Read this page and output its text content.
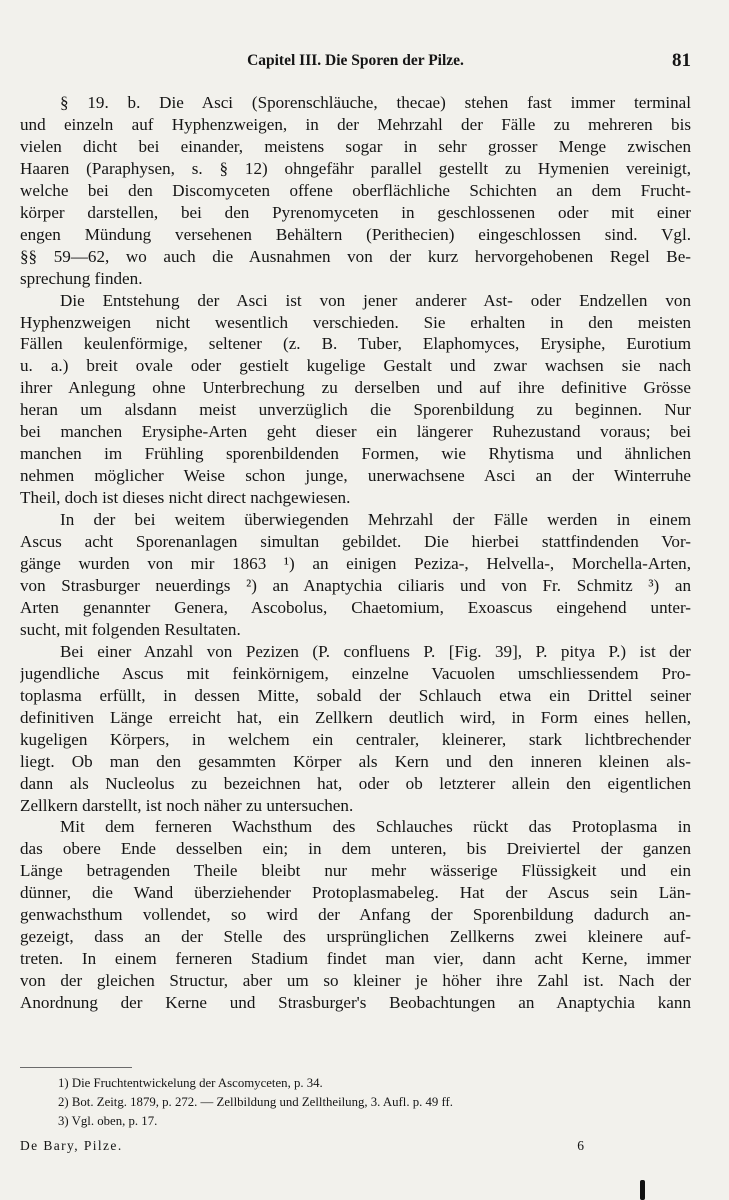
Capitel III. Die Sporen der Pilze.	81

§ 19. b. Die Asci (Sporenschläuche, thecae) stehen fast immer terminal
und einzeln auf Hyphenzweigen, in der Mehrzahl der Fälle zu mehreren bis
vielen dicht bei einander, meistens sogar in sehr grosser Menge zwischen
Haaren (Paraphysen, s. § 12) ohngefähr parallel gestellt zu Hymenien vereinigt,
welche bei den Discomyceten offene oberflächliche Schichten an dem Frucht-
körper darstellen, bei den Pyrenomyceten in geschlossenen oder mit einer
engen Mündung versehenen Behältern (Perithecien) eingeschlossen sind. Vgl.
§§ 59—62, wo auch die Ausnahmen von der kurz hervorgehobenen Regel Be-
sprechung finden.

Die Entstehung der Asci ist von jener anderer Ast- oder Endzellen von
Hyphenzweigen nicht wesentlich verschieden. Sie erhalten in den meisten
Fällen keulenförmige, seltener (z. B. Tuber, Elaphomyces, Erysiphe, Eurotium
u. a.) breit ovale oder gestielt kugelige Gestalt und zwar wachsen sie nach
ihrer Anlegung ohne Unterbrechung zu derselben und auf ihre definitive Grösse
heran um alsdann meist unverzüglich die Sporenbildung zu beginnen. Nur
bei manchen Erysiphe-Arten geht dieser ein längerer Ruhezustand voraus; bei
manchen im Frühling sporenbildenden Formen, wie Rhytisma und ähnlichen
nehmen möglicher Weise schon junge, unerwachsene Asci an der Winterruhe
Theil, doch ist dieses nicht direct nachgewiesen.

In der bei weitem überwiegenden Mehrzahl der Fälle werden in einem
Ascus acht Sporenanlagen simultan gebildet. Die hierbei stattfindenden Vor-
gänge wurden von mir 1863 ¹) an einigen Peziza-, Helvella-, Morchella-Arten,
von Strasburger neuerdings ²) an Anaptychia ciliaris und von Fr. Schmitz ³) an
Arten genannter Genera, Ascobolus, Chaetomium, Exoascus eingehend unter-
sucht, mit folgenden Resultaten.

Bei einer Anzahl von Pezizen (P. confluens P. [Fig. 39], P. pitya P.) ist der
jugendliche Ascus mit feinkörnigem, einzelne Vacuolen umschliessendem Pro-
toplasma erfüllt, in dessen Mitte, sobald der Schlauch etwa ein Drittel seiner
definitiven Länge erreicht hat, ein Zellkern deutlich wird, in Form eines hellen,
kugeligen Körpers, in welchem ein centraler, kleinerer, stark lichtbrechender
liegt. Ob man den gesammten Körper als Kern und den inneren kleinen als-
dann als Nucleolus zu bezeichnen hat, oder ob letzterer allein den eigentlichen
Zellkern darstellt, ist noch näher zu untersuchen.

Mit dem ferneren Wachsthum des Schlauches rückt das Protoplasma in
das obere Ende desselben ein; in dem unteren, bis Dreiviertel der ganzen
Länge betragenden Theile bleibt nur mehr wässerige Flüssigkeit und ein
dünner, die Wand überziehender Protoplasmabeleg. Hat der Ascus sein Län-
genwachsthum vollendet, so wird der Anfang der Sporenbildung dadurch an-
gezeigt, dass an der Stelle des ursprünglichen Zellkerns zwei kleinere auf-
treten. In einem ferneren Stadium findet man vier, dann acht Kerne, immer
von der gleichen Structur, aber um so kleiner je höher ihre Zahl ist. Nach der
Anordnung der Kerne und Strasburger's Beobachtungen an Anaptychia kann

1) Die Fruchtentwickelung der Ascomyceten, p. 34.
2) Bot. Zeitg. 1879, p. 272. — Zellbildung und Zelltheilung, 3. Aufl. p. 49 ff.
3) Vgl. oben, p. 17.
De Bary, Pilze.	6
